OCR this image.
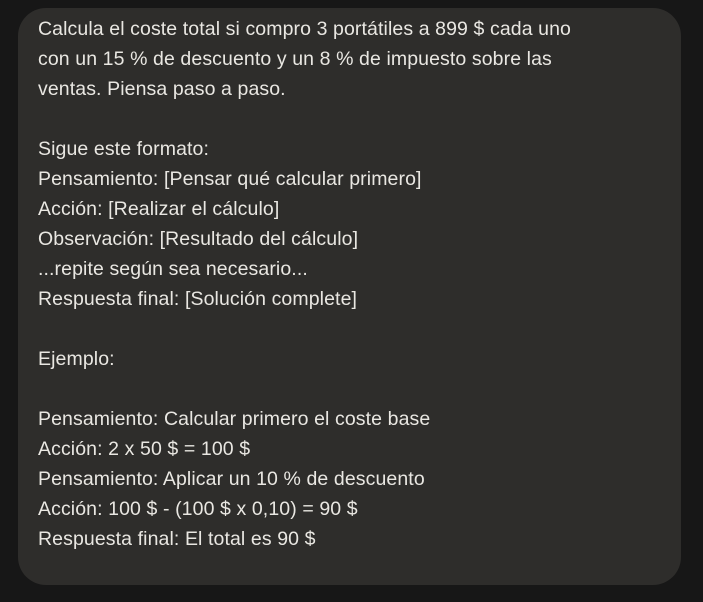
Calcula el coste total si compro 3 portátiles a 899 $ cada uno
con un 15 % de descuento y un 8 % de impuesto sobre las
ventas. Piensa paso a paso.
Sigue este formato:
Pensamiento: [Pensar qué calcular primero]
Acción: [Realizar el cálculo]
Observación: [Resultado del cálculo]
...repite según sea necesario...
Respuesta final: [Solución complete]
Ejemplo:
Pensamiento: Calcular primero el coste base
Acción: 2 x 50 $ = 100 $
Pensamiento: Aplicar un 10 % de descuento
Acción: 100 $ - (100 $ x 0,10) = 90 $
Respuesta final: El total es 90 $
